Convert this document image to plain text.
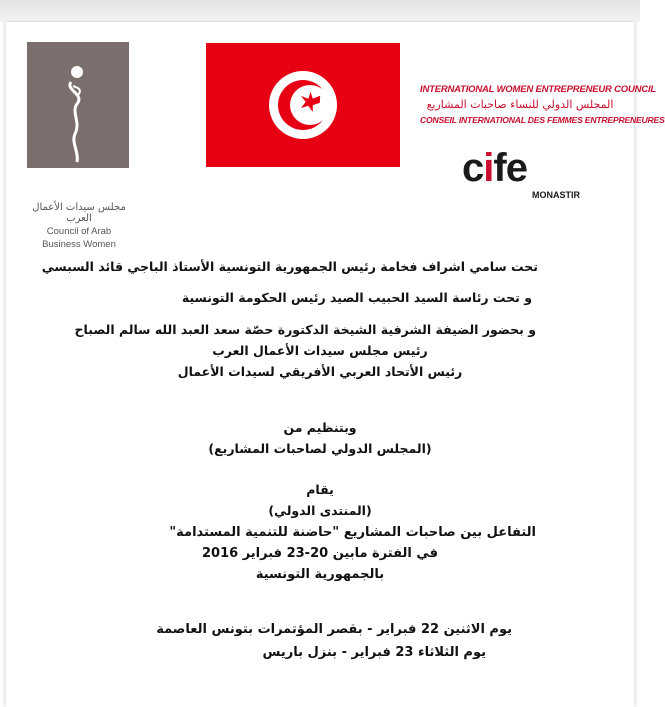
مجلس سيدات الأعمال العرب
Council of Arab
Business Women
INTERNATIONAL WOMEN ENTREPRENEUR COUNCIL
المجلس الدولي للنساء صاحبات المشاريع
CONSEIL INTERNATIONAL DES FEMMES ENTREPRENEURES
cife
MONASTIR
تحت سامي اشراف فخامة رئيس الجمهورية التونسية الأستاذ الباجي قائد السبسي
و تحت رئاسة السيد الحبيب الصيد رئيس الحكومة التونسية
و بحضور الضيفة الشرفية الشيخة الدكتورة حصّة سعد العبد الله سالم الصباح
رئيس مجلس سيدات الأعمال العرب
رئيس الأتحاد العربي الأفريقي لسيدات الأعمال
وبتنظيم من
(المجلس الدولي لصاحبات المشاريع)
يقام
(المنتدى الدولي)
التفاعل بين صاحبات المشاريع "حاضنة للتنمية المستدامة"
في الفترة مابين 20-23 فبراير 2016
بالجمهورية التونسية
يوم الاثنين 22 فبراير - بقصر المؤتمرات بتونس العاصمة
يوم الثلاثاء 23 فبراير - بنزل باريس
